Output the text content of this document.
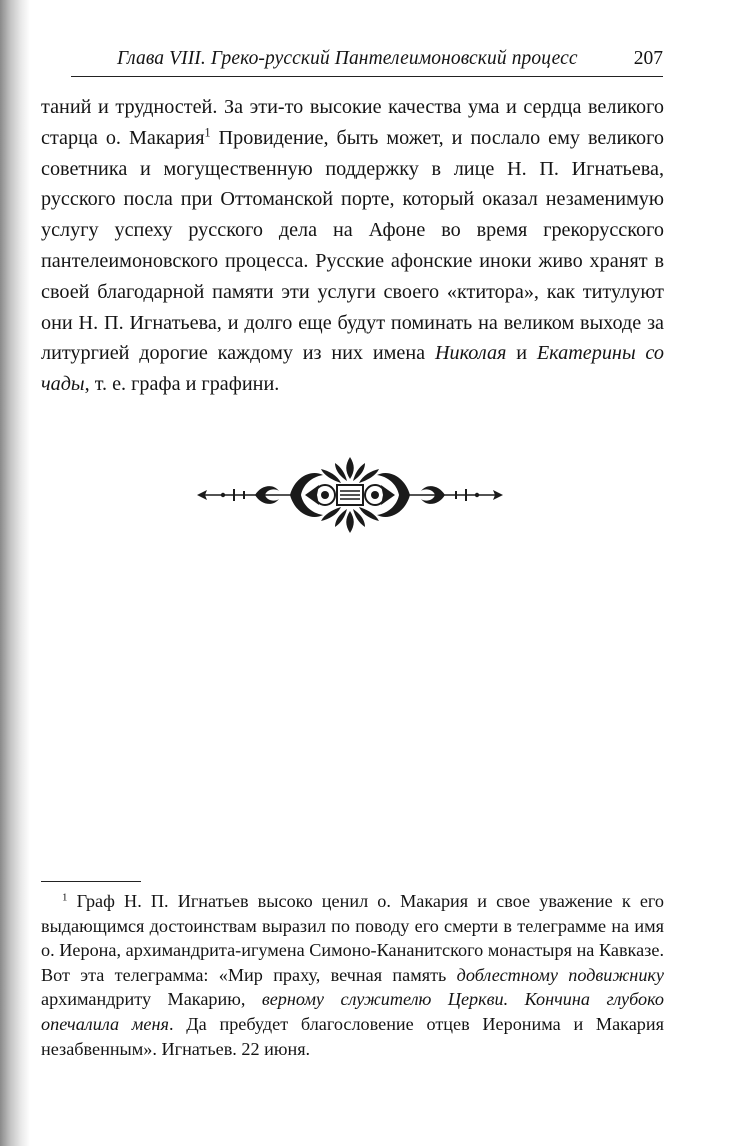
Глава VIII. Греко-русский Пантелеимоновский процесс	207

таний и трудностей. За эти-то высокие качества ума и сердца великого старца о. Макария$^1$ Провидение, быть может, и послало ему великого советника и могущественную поддержку в лице Н. П. Игнатьева, русского посла при Оттоманской порте, который оказал незаменимую услугу успеху русского дела на Афоне во время грекорусского пантелеимоновского процесса. Русские афонские иноки живо хранят в своей благодарной памяти эти услуги своего «ктитора», как титулуют они Н. П. Игнатьева, и долго еще будут поминать на великом выходе за литургией дорогие каждому из них имена Николая и Екатерины со чады, т. е. графа и графини.

$^1$ Граф Н. П. Игнатьев высоко ценил о. Макария и свое уважение к его выдающимся достоинствам выразил по поводу его смерти в телеграмме на имя о. Иерона, архимандрита-игумена Симоно-Кананитского монастыря на Кавказе. Вот эта телеграмма: «Мир праху, вечная память доблестному подвижнику архимандриту Макарию, верному служителю Церкви. Кончина глубоко опечалила меня. Да пребудет благословение отцев Иеронима и Макария незабвенным». Игнатьев. 22 июня.
